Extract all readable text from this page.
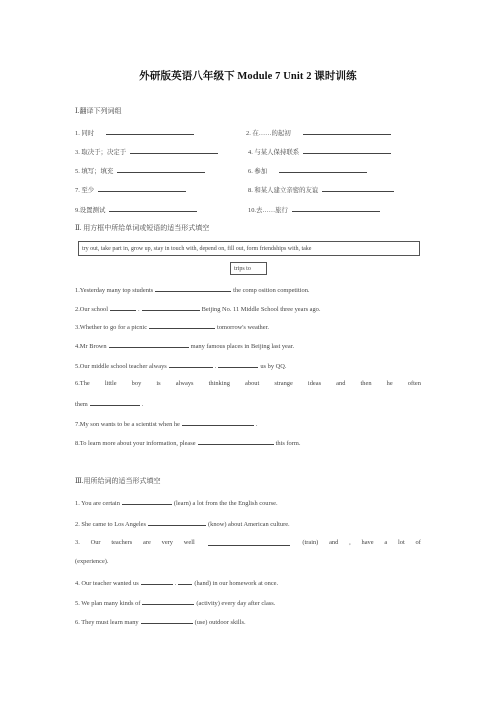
外研版英语八年级下 Module 7 Unit 2 课时训练
Ⅰ.翻译下列词组
1. 同时	2. 在……的起初
3. 取决于；决定于	4. 与某人保持联系
5. 填写；填充	6. 参加
7. 至少	8. 和某人建立亲密的友谊
9.设置测试	10.去……旅行
Ⅱ. 用方框中所给单词或短语的适当形式填空
try out, take part in, grow up, stay in touch with, depend on, fill out, form friendships with, take
trips to
1.Yesterday many top students	the comp osition competition.
2.Our school	.	Beijing No. 11 Middle School three years ago.
3.Whether to go for a picnic	tomorrow's weather.
4.Mr Brown	many famous places in Beijing last year.
5.Our middle school teacher always	.	us by QQ.
6.The little boy is always thinking about strange ideas and then he often
them	.
7.My son wants to be a scientist when he	.
8.To learn more about your information, please	this form.
Ⅲ.用所给词的适当形式填空
1. You are certain	(learn) a lot from the the English course.
2. She came to Los Angeles	(know) about American culture.
3. Our teachers are very well	(train) and , have a lot of
(experience).
4. Our teacher wanted us	.	(hand) in our homework at once.
5. We plan many kinds of	(activity) every day after class.
6. They must learn many	(use) outdoor skills.
